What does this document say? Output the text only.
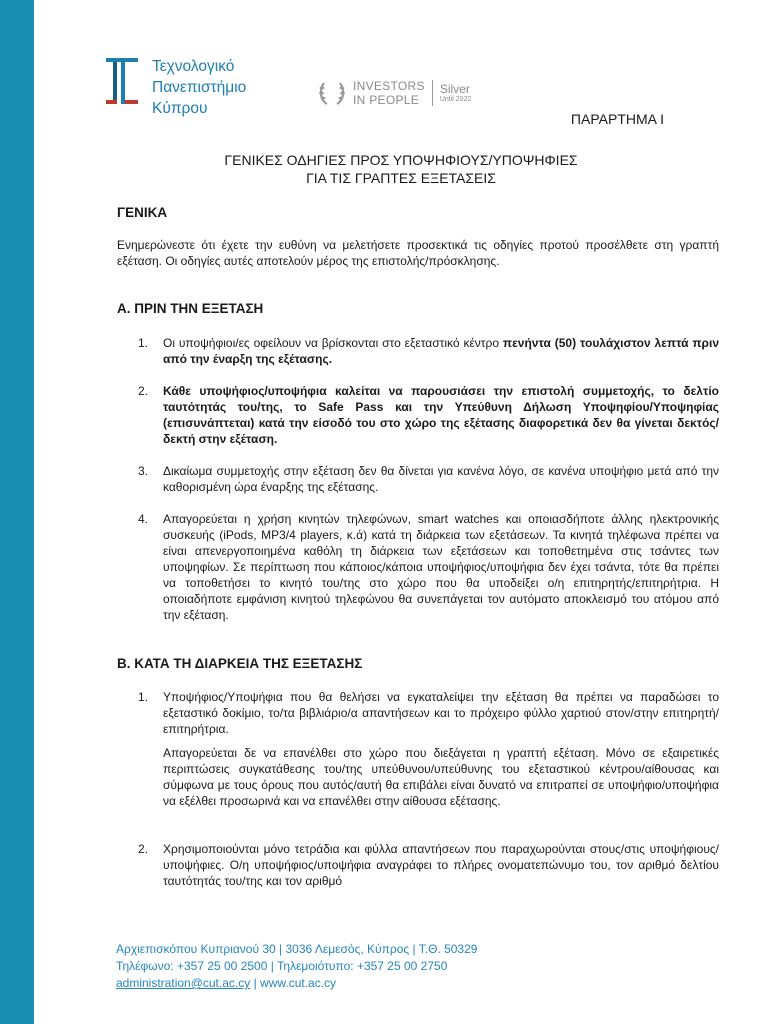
Τεχνολογικό
Πανεπιστήμιο
Κύπρου
INVESTORS
IN PEOPLE
Silver
Until 2022
ΠΑΡΑΡΤΗΜΑ Ι
ΓΕΝΙΚΕΣ ΟΔΗΓΙΕΣ ΠΡΟΣ ΥΠΟΨΗΦΙΟΥΣ/ΥΠΟΨΗΦΙΕΣ
ΓΙΑ ΤΙΣ ΓΡΑΠΤΕΣ ΕΞΕΤΑΣΕΙΣ
ΓΕΝΙΚΑ
Ενημερώνεστε ότι έχετε την ευθύνη να μελετήσετε προσεκτικά τις οδηγίες προτού προσέλθετε στη γραπτή εξέταση. Οι οδηγίες αυτές αποτελούν μέρος της επιστολής/πρόσκλησης.
Α. ΠΡΙΝ ΤΗΝ ΕΞΕΤΑΣΗ
1. Οι υποψήφιοι/ες οφείλουν να βρίσκονται στο εξεταστικό κέντρο πενήντα (50) τουλάχιστον λεπτά πριν από την έναρξη της εξέτασης.
2. Κάθε υποψήφιος/υποψήφια καλείται να παρουσιάσει την επιστολή συμμετοχής, το δελτίο ταυτότητάς του/της, το Safe Pass και την Υπεύθυνη Δήλωση Υποψηφίου/Υποψηφίας (επισυνάπτεται) κατά την είσοδό του στο χώρο της εξέτασης διαφορετικά δεν θα γίνεται δεκτός/δεκτή στην εξέταση.
3. Δικαίωμα συμμετοχής στην εξέταση δεν θα δίνεται για κανένα λόγο, σε κανένα υποψήφιο μετά από την καθορισμένη ώρα έναρξης της εξέτασης.
4. Απαγορεύεται η χρήση κινητών τηλεφώνων, smart watches και οποιασδήποτε άλλης ηλεκτρονικής συσκευής (iPods, MP3/4 players, κ.ά) κατά τη διάρκεια των εξετάσεων. Τα κινητά τηλέφωνα πρέπει να είναι απενεργοποιημένα καθόλη τη διάρκεια των εξετάσεων και τοποθετημένα στις τσάντες των υποψηφίων. Σε περίπτωση που κάποιος/κάποια υποψήφιος/υποψήφια δεν έχει τσάντα, τότε θα πρέπει να τοποθετήσει το κινητό του/της στο χώρο που θα υποδείξει ο/η επιτηρητής/επιτηρήτρια. Η οποιαδήποτε εμφάνιση κινητού τηλεφώνου θα συνεπάγεται τον αυτόματο αποκλεισμό του ατόμου από την εξέταση.
Β. ΚΑΤΑ ΤΗ ΔΙΑΡΚΕΙΑ ΤΗΣ ΕΞΕΤΑΣΗΣ
1. Υποψήφιος/Υποψήφια που θα θελήσει να εγκαταλείψει την εξέταση θα πρέπει να παραδώσει το εξεταστικό δοκίμιο, το/τα βιβλιάριο/α απαντήσεων και το πρόχειρο φύλλο χαρτιού στον/στην επιτηρητή/επιτηρήτρια.
Απαγορεύεται δε να επανέλθει στο χώρο που διεξάγεται η γραπτή εξέταση. Μόνο σε εξαιρετικές περιπτώσεις συγκατάθεσης του/της υπεύθυνου/υπεύθυνης του εξεταστικού κέντρου/αίθουσας και σύμφωνα με τους όρους που αυτός/αυτή θα επιβάλει είναι δυνατό να επιτραπεί σε υποψήφιο/υποψήφια να εξέλθει προσωρινά και να επανέλθει στην αίθουσα εξέτασης.
2. Χρησιμοποιούνται μόνο τετράδια και φύλλα απαντήσεων που παραχωρούνται στους/στις υποψήφιους/υποψήφιες. Ο/η υποψήφιος/υποψήφια αναγράφει το πλήρες ονοματεπώνυμο του, τον αριθμό δελτίου ταυτότητάς του/της και τον αριθμό
Αρχιεπισκόπου Κυπριανού 30 | 3036 Λεμεσός, Κύπρος | Τ.Θ. 50329
Τηλέφωνο: +357 25 00 2500 | Τηλεμοιότυπο: +357 25 00 2750
administration@cut.ac.cy | www.cut.ac.cy
